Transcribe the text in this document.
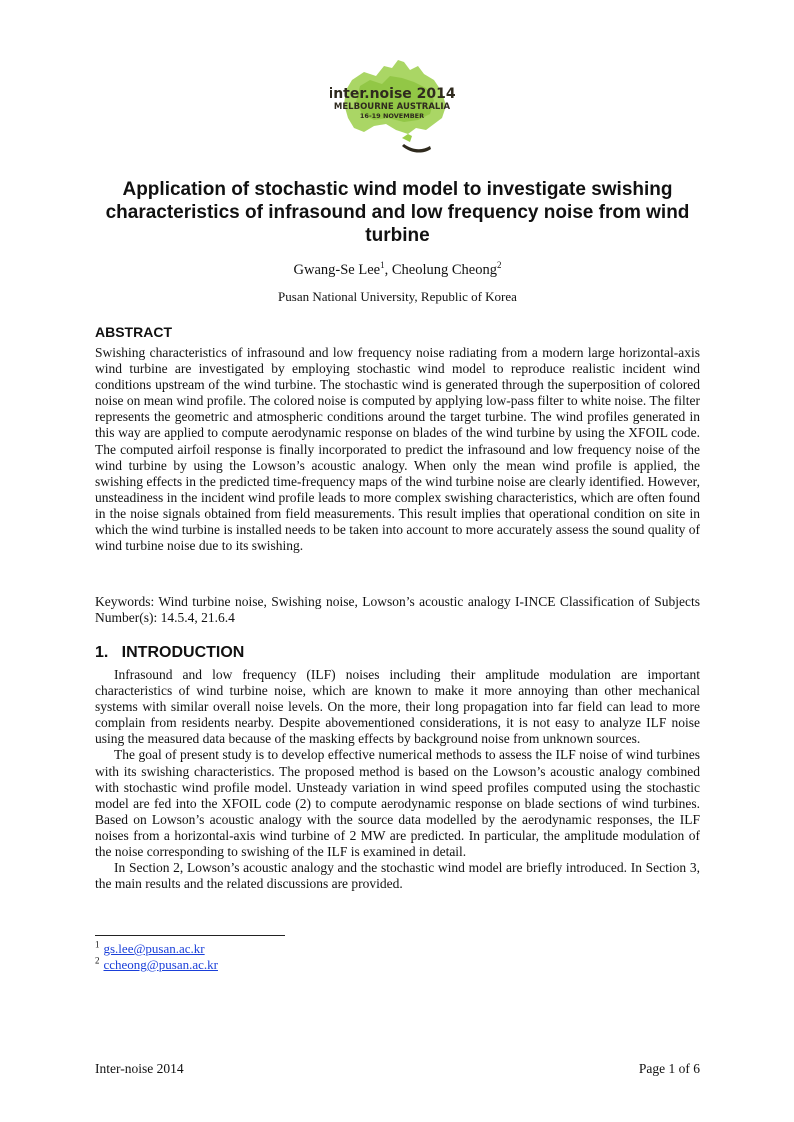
inter.noise 2014
MELBOURNE AUSTRALIA
16-19 NOVEMBER
Application of stochastic wind model to investigate swishing characteristics of infrasound and low frequency noise from wind turbine
Gwang-Se Lee$^1$, Cheolung Cheong$^2$
Pusan National University, Republic of Korea
ABSTRACT

Swishing characteristics of infrasound and low frequency noise radiating from a modern large horizontal-axis wind turbine are investigated by employing stochastic wind model to reproduce realistic incident wind conditions upstream of the wind turbine. The stochastic wind is generated through the superposition of colored noise on mean wind profile. The colored noise is computed by applying low-pass filter to white noise. The filter represents the geometric and atmospheric conditions around the target turbine. The wind profiles generated in this way are applied to compute aerodynamic response on blades of the wind turbine by using the XFOIL code. The computed airfoil response is finally incorporated to predict the infrasound and low frequency noise of the wind turbine by using the Lowson’s acoustic analogy. When only the mean wind profile is applied, the swishing effects in the predicted time-frequency maps of the wind turbine noise are clearly identified. However, unsteadiness in the incident wind profile leads to more complex swishing characteristics, which are often found in the noise signals obtained from field measurements. This result implies that operational condition on site in which the wind turbine is installed needs to be taken into account to more accurately assess the sound quality of wind turbine noise due to its swishing.

Keywords: Wind turbine noise, Swishing noise, Lowson’s acoustic analogy I-INCE Classification of Subjects Number(s): 14.5.4, 21.6.4

1.   INTRODUCTION

Infrasound and low frequency (ILF) noises including their amplitude modulation are important characteristics of wind turbine noise, which are known to make it more annoying than other mechanical systems with similar overall noise levels. On the more, their long propagation into far field can lead to more complain from residents nearby. Despite abovementioned considerations, it is not easy to analyze ILF noise using the measured data because of the masking effects by background noise from unknown sources.

The goal of present study is to develop effective numerical methods to assess the ILF noise of wind turbines with its swishing characteristics. The proposed method is based on the Lowson’s acoustic analogy combined with stochastic wind profile model. Unsteady variation in wind speed profiles computed using the stochastic model are fed into the XFOIL code (2) to compute aerodynamic response on blade sections of wind turbines. Based on Lowson’s acoustic analogy with the source data modelled by the aerodynamic responses, the ILF noises from a horizontal-axis wind turbine of 2 MW are predicted. In particular, the amplitude modulation of the noise corresponding to swishing of the ILF is examined in detail.

In Section 2, Lowson’s acoustic analogy and the stochastic wind model are briefly introduced. In Section 3, the main results and the related discussions are provided.

$^1$ gs.lee@pusan.ac.kr
$^2$ ccheong@pusan.ac.kr
Inter-noise 2014	Page 1 of 6
